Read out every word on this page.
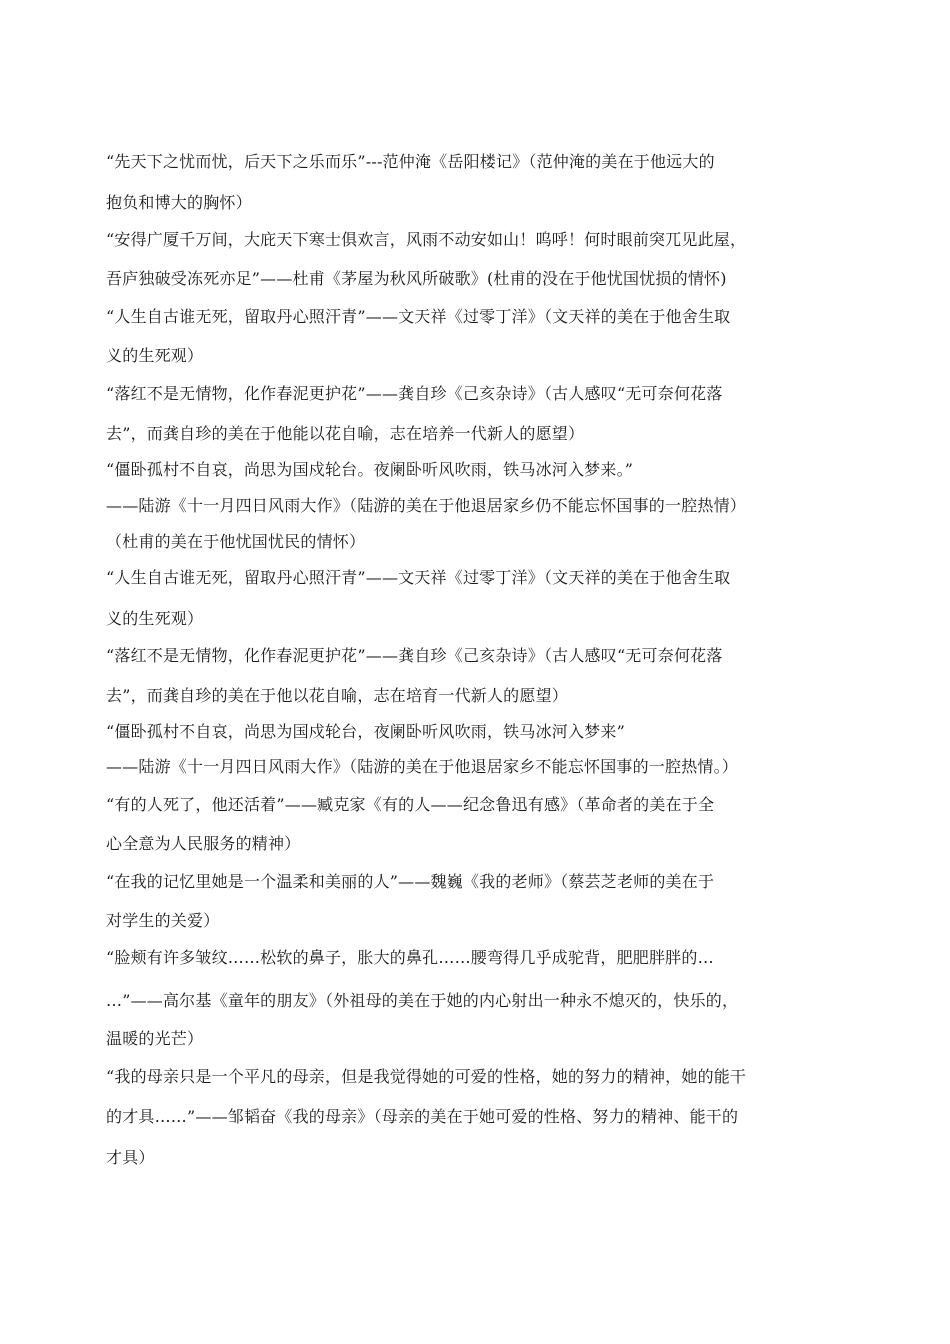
“先天下之忧而忧，后天下之乐而乐”---范仲淹《岳阳楼记》（范仲淹的美在于他远大的
抱负和博大的胸怀）
“安得广厦千万间，大庇天下寒士俱欢言，风雨不动安如山！呜呼！何时眼前突兀见此屋，
吾庐独破受冻死亦足”——杜甫《茅屋为秋风所破歌》(杜甫的没在于他忧国忧损的情怀)
“人生自古谁无死，留取丹心照汗青”——文天祥《过零丁洋》（文天祥的美在于他舍生取
义的生死观）
“落红不是无情物，化作春泥更护花”——龚自珍《己亥杂诗》（古人感叹“无可奈何花落
去”，而龚自珍的美在于他能以花自喻，志在培养一代新人的愿望）
“僵卧孤村不自哀，尚思为国戍轮台。夜阑卧听风吹雨，铁马冰河入梦来。”
——陆游《十一月四日风雨大作》（陆游的美在于他退居家乡仍不能忘怀国事的一腔热情）
（杜甫的美在于他忧国忧民的情怀）
“人生自古谁无死，留取丹心照汗青”——文天祥《过零丁洋》（文天祥的美在于他舍生取
义的生死观）
“落红不是无情物，化作春泥更护花”——龚自珍《己亥杂诗》（古人感叹“无可奈何花落
去”，而龚自珍的美在于他以花自喻，志在培育一代新人的愿望）
“僵卧孤村不自哀，尚思为国戍轮台，夜阑卧听风吹雨，铁马冰河入梦来”
——陆游《十一月四日风雨大作》（陆游的美在于他退居家乡不能忘怀国事的一腔热情。）
“有的人死了，他还活着”——臧克家《有的人——纪念鲁迅有感》（革命者的美在于全
心全意为人民服务的精神）
“在我的记忆里她是一个温柔和美丽的人”——魏巍《我的老师》（蔡芸芝老师的美在于
对学生的关爱）
“脸颊有许多皱纹……松软的鼻子，胀大的鼻孔……腰弯得几乎成驼背，肥肥胖胖的…
…”——高尔基《童年的朋友》（外祖母的美在于她的内心射出一种永不熄灭的，快乐的，
温暖的光芒）
“我的母亲只是一个平凡的母亲，但是我觉得她的可爱的性格，她的努力的精神，她的能干
的才具……”——邹韬奋《我的母亲》（母亲的美在于她可爱的性格、努力的精神、能干的
才具）
